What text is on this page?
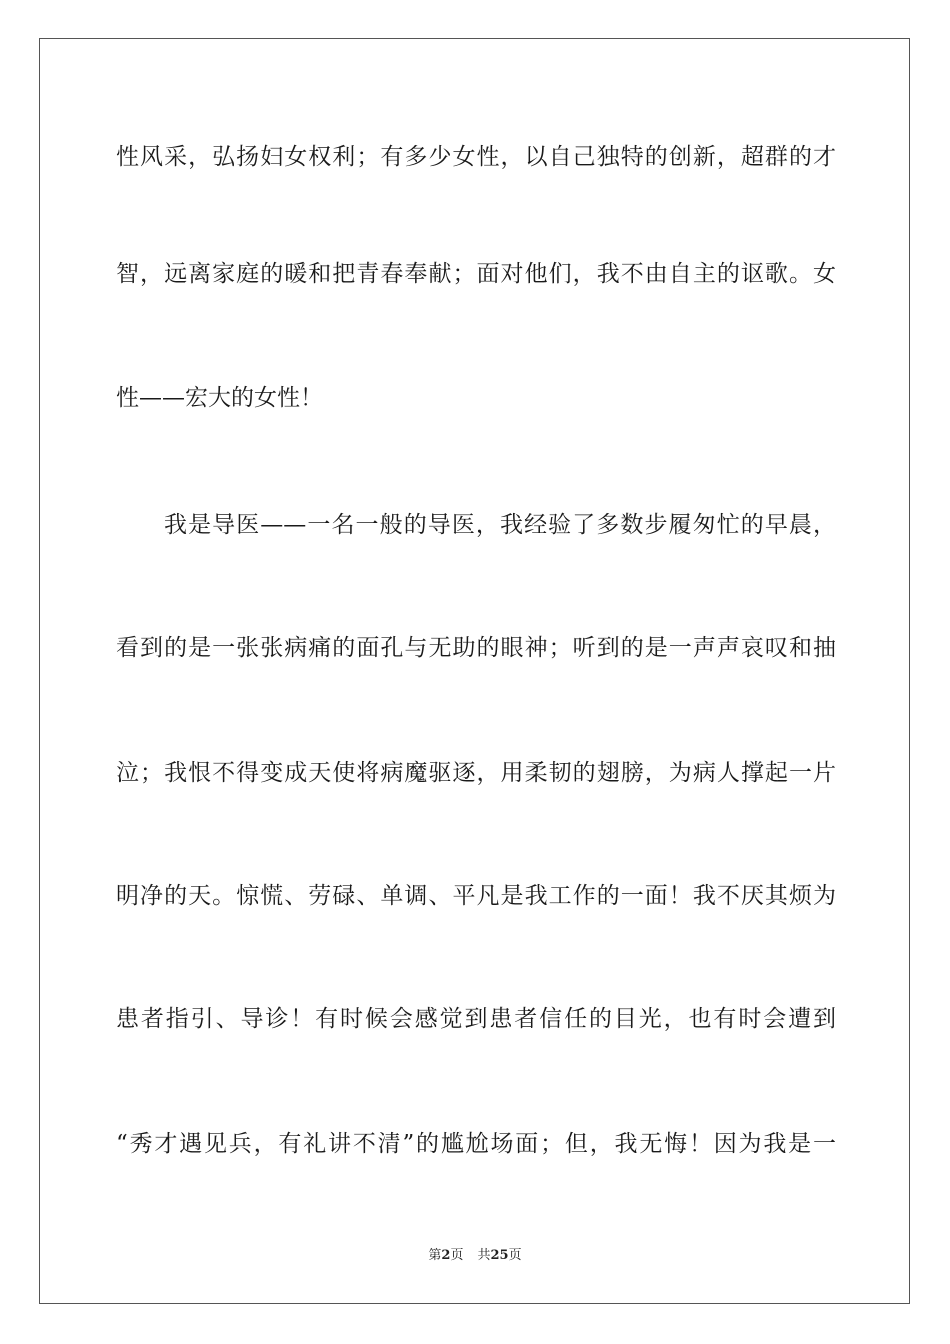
性风采，弘扬妇女权利；有多少女性，以自己独特的创新，超群的才
智，远离家庭的暖和把青春奉献；面对他们，我不由自主的讴歌。女
性——宏大的女性！
我是导医——一名一般的导医，我经验了多数步履匆忙的早晨，
看到的是一张张病痛的面孔与无助的眼神；听到的是一声声哀叹和抽
泣；我恨不得变成天使将病魔驱逐，用柔韧的翅膀，为病人撑起一片
明净的天。惊慌、劳碌、单调、平凡是我工作的一面！我不厌其烦为
患者指引、导诊！有时候会感觉到患者信任的目光，也有时会遭到
“秀才遇见兵，有礼讲不清”的尴尬场面；但，我无悔！因为我是一
第2页 共25页
